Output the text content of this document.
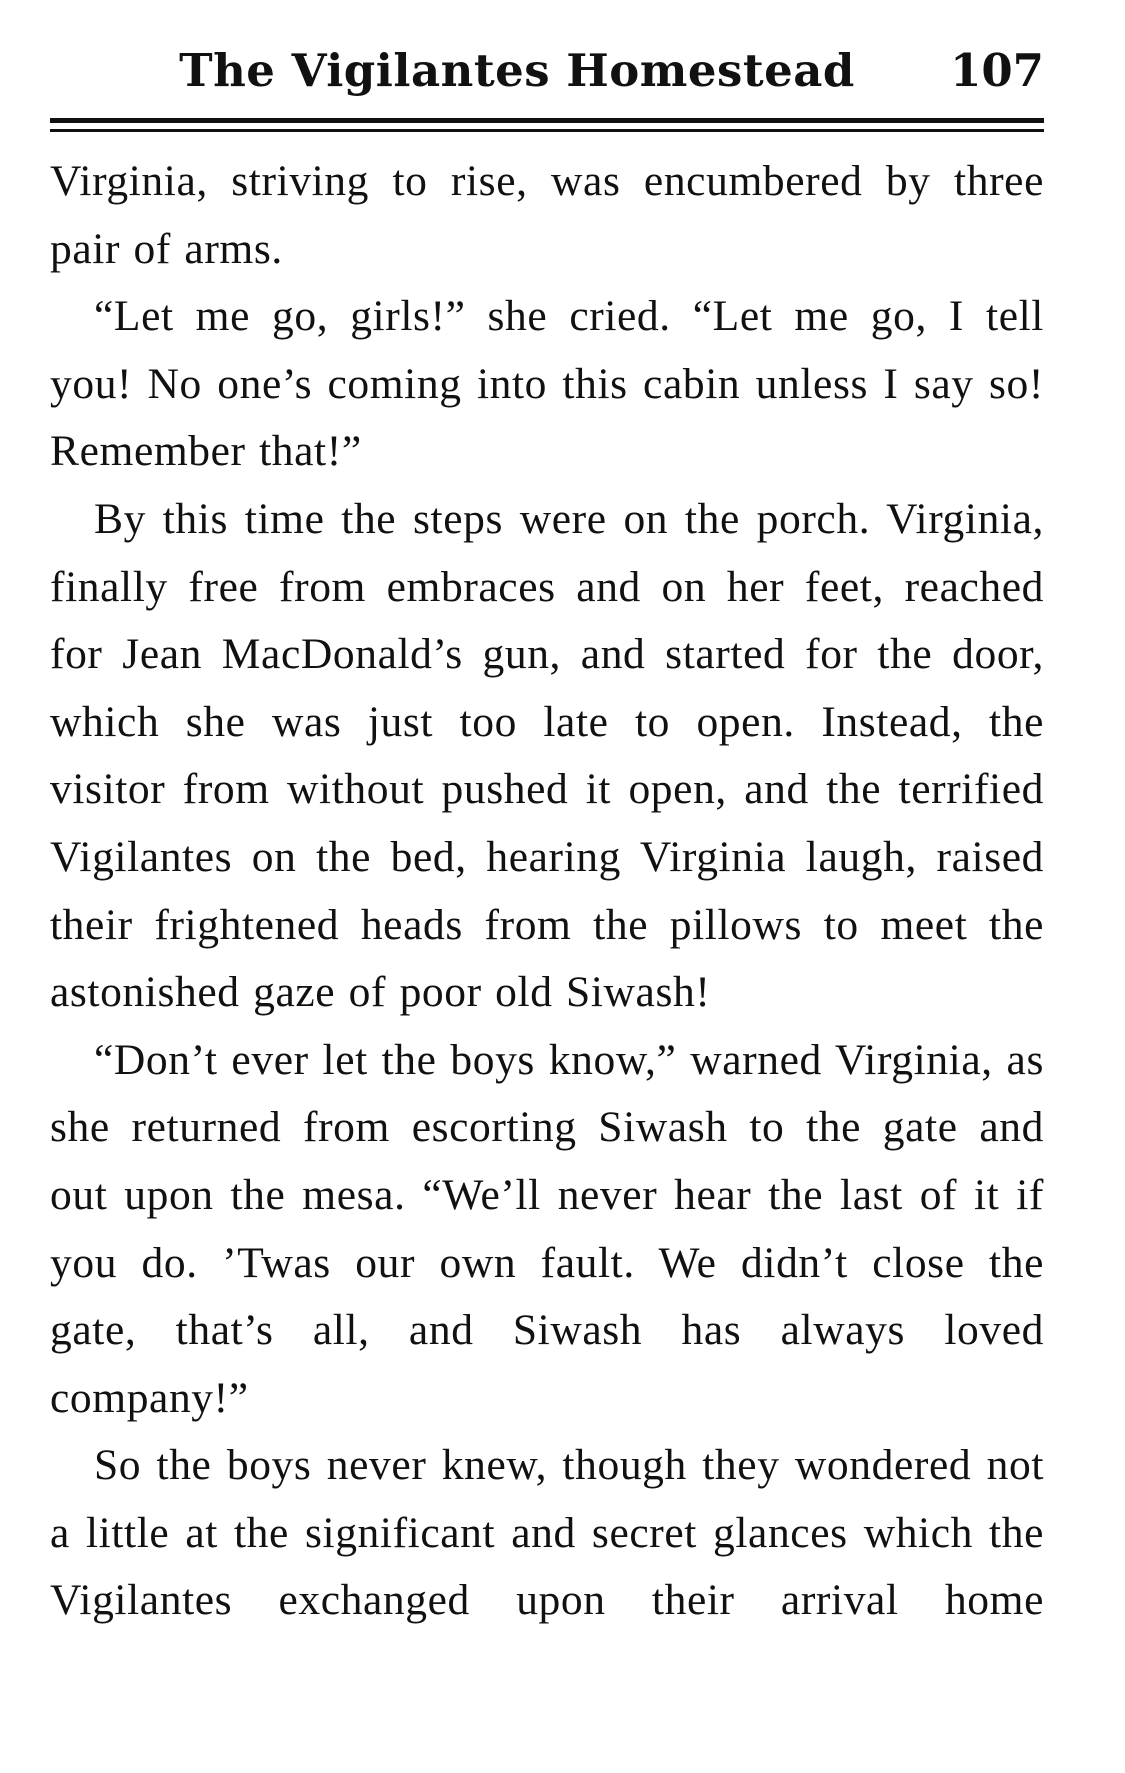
The Vigilantes Homestead	107

Virginia, striving to rise, was encumbered by three pair of arms.

“Let me go, girls!” she cried. “Let me go, I tell you! No one’s coming into this cabin unless I say so! Remember that!”

By this time the steps were on the porch. Virginia, finally free from embraces and on her feet, reached for Jean MacDonald’s gun, and started for the door, which she was just too late to open. Instead, the visitor from without pushed it open, and the terrified Vigilantes on the bed, hearing Virginia laugh, raised their frightened heads from the pillows to meet the astonished gaze of poor old Siwash!

“Don’t ever let the boys know,” warned Virginia, as she returned from escorting Siwash to the gate and out upon the mesa. “We’ll never hear the last of it if you do. ’Twas our own fault. We didn’t close the gate, that’s all, and Siwash has always loved company!”

So the boys never knew, though they wondered not a little at the significant and secret glances which the Vigilantes exchanged upon their arrival home
